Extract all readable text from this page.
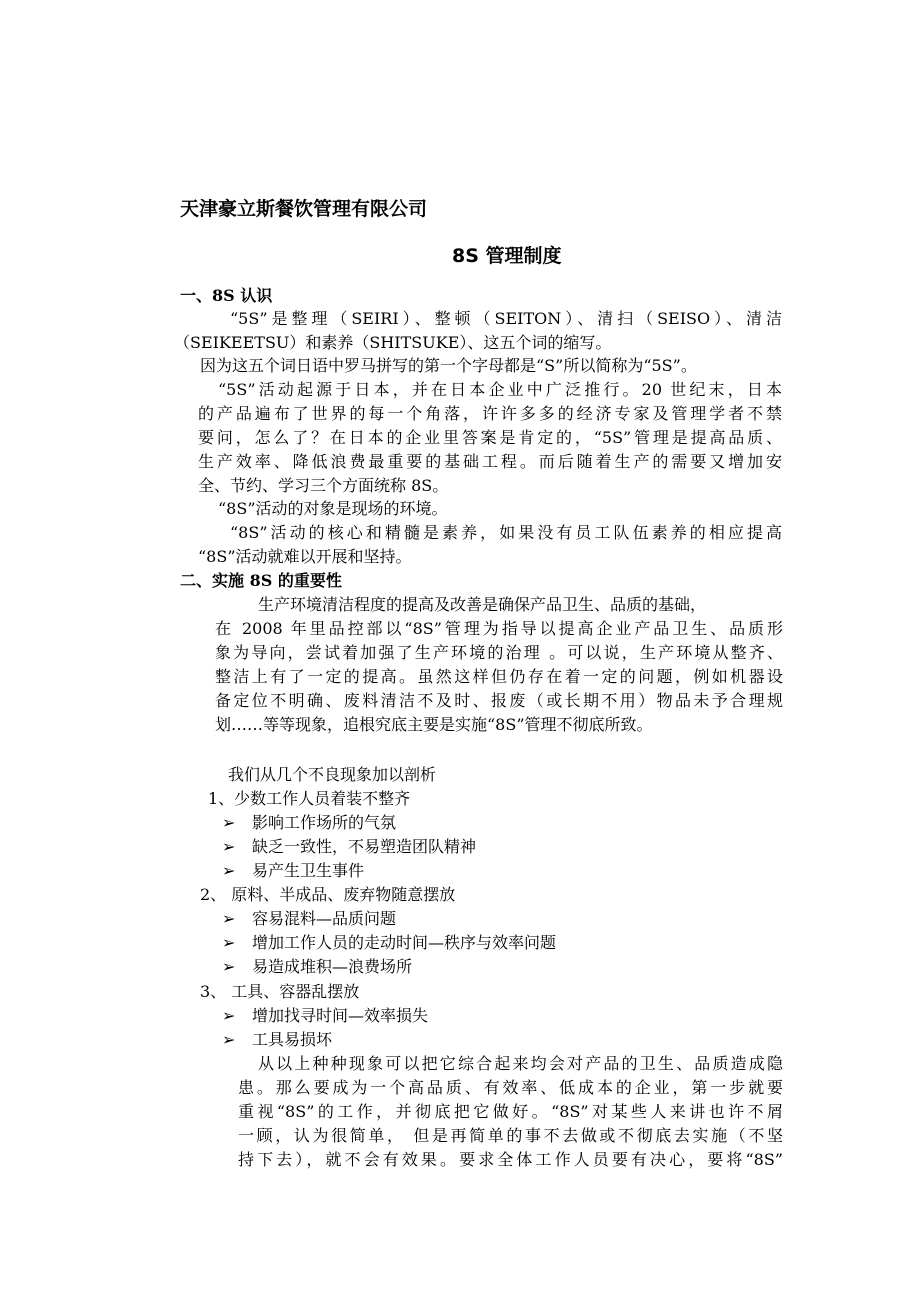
天津豪立斯餐饮管理有限公司
8S 管理制度
一、8S 认识
“5S”是整理（SEIRI）、整顿（SEITON）、清扫（SEISO）、清洁
（SEIKEETSU）和素养（SHITSUKE）、这五个词的缩写。
因为这五个词日语中罗马拼写的第一个字母都是“S”所以简称为“5S”。
“5S”活动起源于日本，并在日本企业中广泛推行。20 世纪末，日本
的产品遍布了世界的每一个角落，许许多多的经济专家及管理学者不禁
要问，怎么了？在日本的企业里答案是肯定的，“5S”管理是提高品质、
生产效率、降低浪费最重要的基础工程。而后随着生产的需要又增加安
全、节约、学习三个方面统称 8S。
“8S”活动的对象是现场的环境。
“8S”活动的核心和精髓是素养，如果没有员工队伍素养的相应提高
“8S”活动就难以开展和坚持。
二、实施 8S 的重要性
生产环境清洁程度的提高及改善是确保产品卫生、品质的基础，
在 2008 年里品控部以“8S”管理为指导以提高企业产品卫生、品质形
象为导向，尝试着加强了生产环境的治理 。可以说，生产环境从整齐、
整洁上有了一定的提高。虽然这样但仍存在着一定的问题，例如机器设
备定位不明确、废料清洁不及时、报废（或长期不用）物品未予合理规
划……等等现象，追根究底主要是实施“8S”管理不彻底所致。
我们从几个不良现象加以剖析
1、少数工作人员着装不整齐
➢ 影响工作场所的气氛
➢ 缺乏一致性，不易塑造团队精神
➢ 易产生卫生事件
2、 原料、半成品、废弃物随意摆放
➢ 容易混料—品质问题
➢ 增加工作人员的走动时间—秩序与效率问题
➢ 易造成堆积—浪费场所
3、 工具、容器乱摆放
➢ 增加找寻时间—效率损失
➢ 工具易损坏
从以上种种现象可以把它综合起来均会对产品的卫生、品质造成隐
患。那么要成为一个高品质、有效率、低成本的企业，第一步就要
重视“8S”的工作，并彻底把它做好。“8S”对某些人来讲也许不屑
一顾，认为很简单， 但是再简单的事不去做或不彻底去实施（不坚
持下去），就不会有效果。要求全体工作人员要有决心，要将“8S”
